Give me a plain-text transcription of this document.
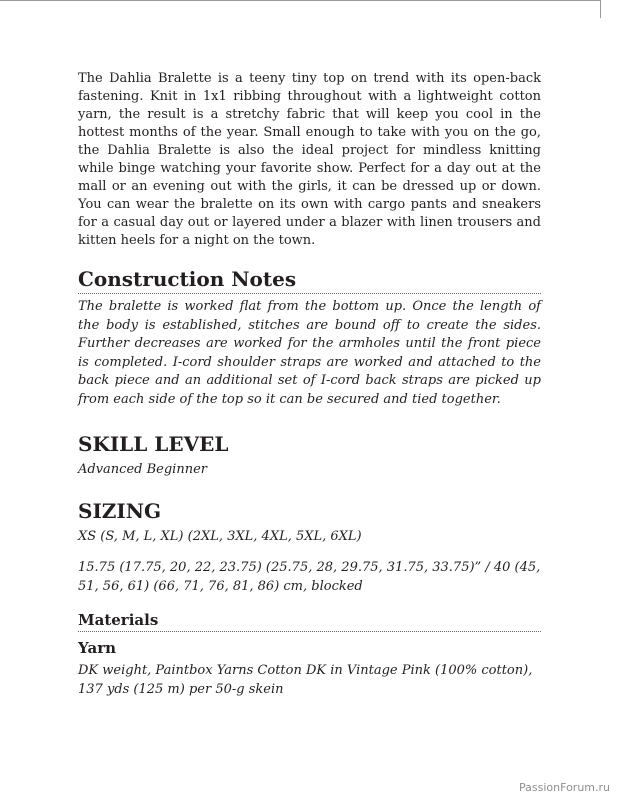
The Dahlia Bralette is a teeny tiny top on trend with its open-back fastening. Knit in 1x1 ribbing throughout with a lightweight cotton yarn, the result is a stretchy fabric that will keep you cool in the hottest months of the year. Small enough to take with you on the go, the Dahlia Bralette is also the ideal project for mindless knitting while binge watching your favorite show. Perfect for a day out at the mall or an evening out with the girls, it can be dressed up or down. You can wear the bralette on its own with cargo pants and sneakers for a casual day out or layered under a blazer with linen trousers and kitten heels for a night on the town.

Construction Notes

The bralette is worked flat from the bottom up. Once the length of the body is established, stitches are bound off to create the sides. Further decreases are worked for the armholes until the front piece is completed. I-cord shoulder straps are worked and attached to the back piece and an additional set of I-cord back straps are picked up from each side of the top so it can be secured and tied together.

SKILL LEVEL

Advanced Beginner

SIZING

XS (S, M, L, XL) (2XL, 3XL, 4XL, 5XL, 6XL)

15.75 (17.75, 20, 22, 23.75) (25.75, 28, 29.75, 31.75, 33.75)” / 40 (45, 51, 56, 61) (66, 71, 76, 81, 86) cm, blocked

Materials
Yarn

DK weight, Paintbox Yarns Cotton DK in Vintage Pink (100% cotton), 137 yds (125 m) per 50-g skein

PassionForum.ru
